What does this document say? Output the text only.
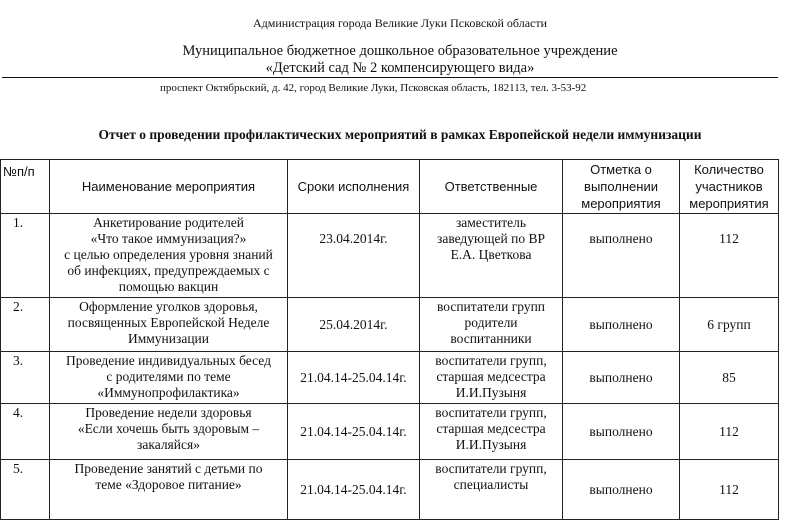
Администрация города Великие Луки Псковской области
Муниципальное бюджетное дошкольное образовательное учреждение
«Детский сад № 2 компенсирующего вида»
проспект Октябрьский, д. 42, город Великие Луки, Псковская область, 182113, тел. 3-53-92
Отчет о проведении профилактических мероприятий в рамках Европейской недели иммунизации
№п/п	Наименование мероприятия	Сроки исполнения	Ответственные	Отметка о
выполнении
мероприятия	Количество
участников
мероприятия

1.	Анкетирование родителей
«Что такое иммунизация?»
с целью определения уровня знаний
об инфекциях, предупреждаемых с
помощью вакцин	23.04.2014г.	заместитель
заведующей по ВР
Е.А. Цветкова	выполнено	112
2.	Оформление уголков здоровья,
посвященных Европейской Неделе
Иммунизации	25.04.2014г.	воспитатели групп
родители
воспитанники	выполнено	6 групп
3.	Проведение индивидуальных бесед
с родителями по теме
«Иммунопрофилактика»	21.04.14-25.04.14г.	воспитатели групп,
старшая медсестра
И.И.Пузыня	выполнено	85
4.	Проведение недели здоровья
«Если хочешь быть здоровым –
закаляйся»	21.04.14-25.04.14г.	воспитатели групп,
старшая медсестра
И.И.Пузыня	выполнено	112
5.	Проведение занятий с детьми по
теме «Здоровое питание»	21.04.14-25.04.14г.	воспитатели групп,
специалисты	выполнено	112
